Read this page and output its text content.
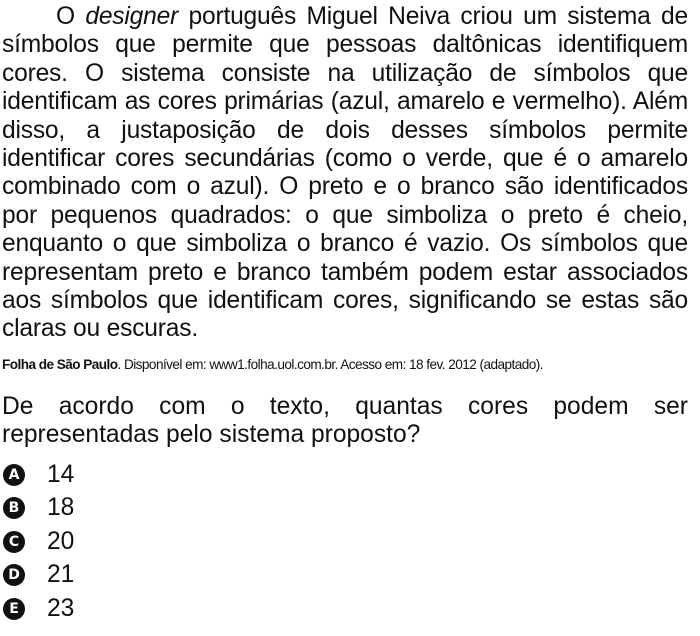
O designer português Miguel Neiva criou um sistema de símbolos que permite que pessoas daltônicas identifiquem cores. O sistema consiste na utilização de símbolos que identificam as cores primárias (azul, amarelo e vermelho). Além disso, a justaposição de dois desses símbolos permite identificar cores secundárias (como o verde, que é o amarelo combinado com o azul). O preto e o branco são identificados por pequenos quadrados: o que simboliza o preto é cheio, enquanto o que simboliza o branco é vazio. Os símbolos que representam preto e branco também podem estar associados aos símbolos que identificam cores, significando se estas são claras ou escuras.

Folha de São Paulo. Disponível em: www1.folha.uol.com.br. Acesso em: 18 fev. 2012 (adaptado).

De acordo com o texto, quantas cores podem ser representadas pelo sistema proposto?

A 14
B 18
C 20
D 21
E 23
